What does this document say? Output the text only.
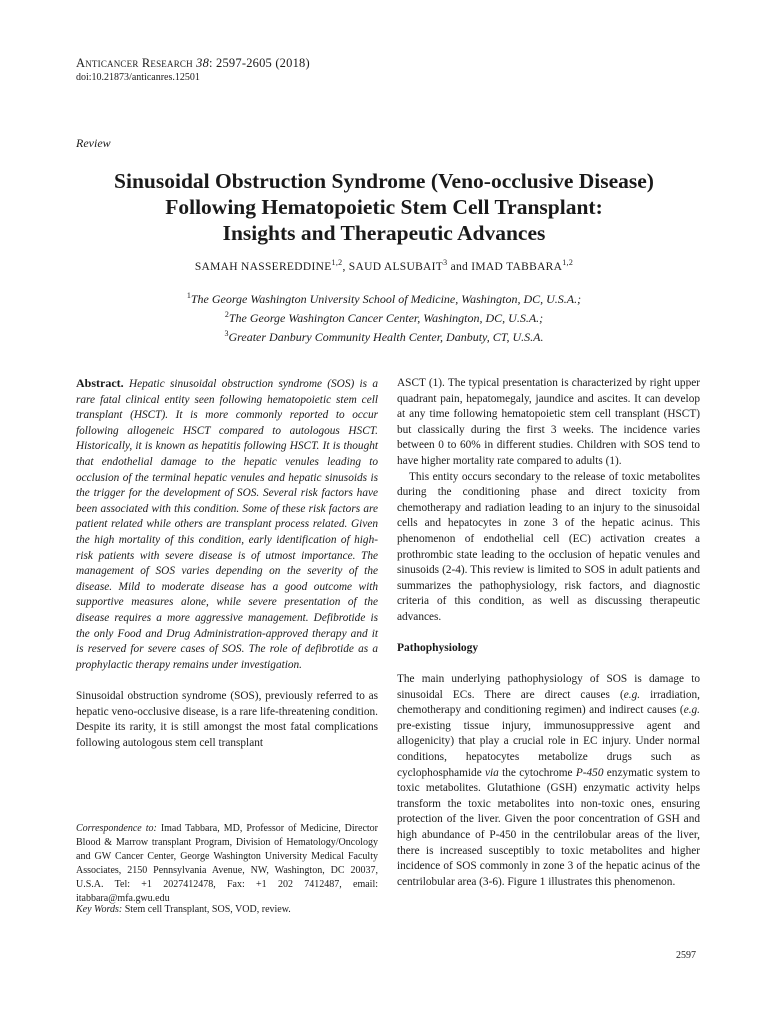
Anticancer Research 38: 2597-2605 (2018)
doi:10.21873/anticanres.12501
Review
Sinusoidal Obstruction Syndrome (Veno-occlusive Disease)
Following Hematopoietic Stem Cell Transplant:
Insights and Therapeutic Advances
SAMAH NASSEREDDINE$^{1,2}$, SAUD ALSUBAIT$^3$ and IMAD TABBARA$^{1,2}$
$^1$The George Washington University School of Medicine, Washington, DC, U.S.A.;
$^2$The George Washington Cancer Center, Washington, DC, U.S.A.;
$^3$Greater Danbury Community Health Center, Danbuty, CT, U.S.A.

Abstract. Hepatic sinusoidal obstruction syndrome (SOS) is a rare fatal clinical entity seen following hematopoietic stem cell transplant (HSCT). It is more commonly reported to occur following allogeneic HSCT compared to autologous HSCT. Historically, it is known as hepatitis following HSCT. It is thought that endothelial damage to the hepatic venules leading to occlusion of the terminal hepatic venules and hepatic sinusoids is the trigger for the development of SOS. Several risk factors have been associated with this condition. Some of these risk factors are patient related while others are transplant process related. Given the high mortality of this condition, early identification of high-risk patients with severe disease is of utmost importance. The management of SOS varies depending on the severity of the disease. Mild to moderate disease has a good outcome with supportive measures alone, while severe presentation of the disease requires a more aggressive management. Defibrotide is the only Food and Drug Administration-approved therapy and it is reserved for severe cases of SOS. The role of defibrotide as a prophylactic therapy remains under investigation.

Sinusoidal obstruction syndrome (SOS), previously referred to as hepatic veno-occlusive disease, is a rare life-threatening condition. Despite its rarity, it is still amongst the most fatal complications following autologous stem cell transplant

Correspondence to: Imad Tabbara, MD, Professor of Medicine, Director Blood & Marrow transplant Program, Division of Hematology/Oncology and GW Cancer Center, George Washington University Medical Faculty Associates, 2150 Pennsylvania Avenue, NW, Washington, DC 20037, U.S.A. Tel: +1 2027412478, Fax: +1 202 7412487, email: itabbara@mfa.gwu.edu
Key Words: Stem cell Transplant, SOS, VOD, review.

ASCT (1). The typical presentation is characterized by right upper quadrant pain, hepatomegaly, jaundice and ascites. It can develop at any time following hematopoietic stem cell transplant (HSCT) but classically during the first 3 weeks. The incidence varies between 0 to 60% in different studies. Children with SOS tend to have higher mortality rate compared to adults (1).

This entity occurs secondary to the release of toxic metabolites during the conditioning phase and direct toxicity from chemotherapy and radiation leading to an injury to the sinusoidal cells and hepatocytes in zone 3 of the hepatic acinus. This phenomenon of endothelial cell (EC) activation creates a prothrombic state leading to the occlusion of hepatic venules and sinusoids (2-4). This review is limited to SOS in adult patients and summarizes the pathophysiology, risk factors, and diagnostic criteria of this condition, as well as discussing therapeutic advances.

Pathophysiology

The main underlying pathophysiology of SOS is damage to sinusoidal ECs. There are direct causes (e.g. irradiation, chemotherapy and conditioning regimen) and indirect causes (e.g. pre-existing tissue injury, immunosuppressive agent and allogenicity) that play a crucial role in EC injury. Under normal conditions, hepatocytes metabolize drugs such as cyclophosphamide via the cytochrome P-450 enzymatic system to toxic metabolites. Glutathione (GSH) enzymatic activity helps transform the toxic metabolites into non-toxic ones, ensuring protection of the liver. Given the poor concentration of GSH and high abundance of P-450 in the centrilobular areas of the liver, there is increased susceptibly to toxic metabolites and higher incidence of SOS commonly in zone 3 of the hepatic acinus of the centrilobular area (3-6). Figure 1 illustrates this phenomenon.

2597
